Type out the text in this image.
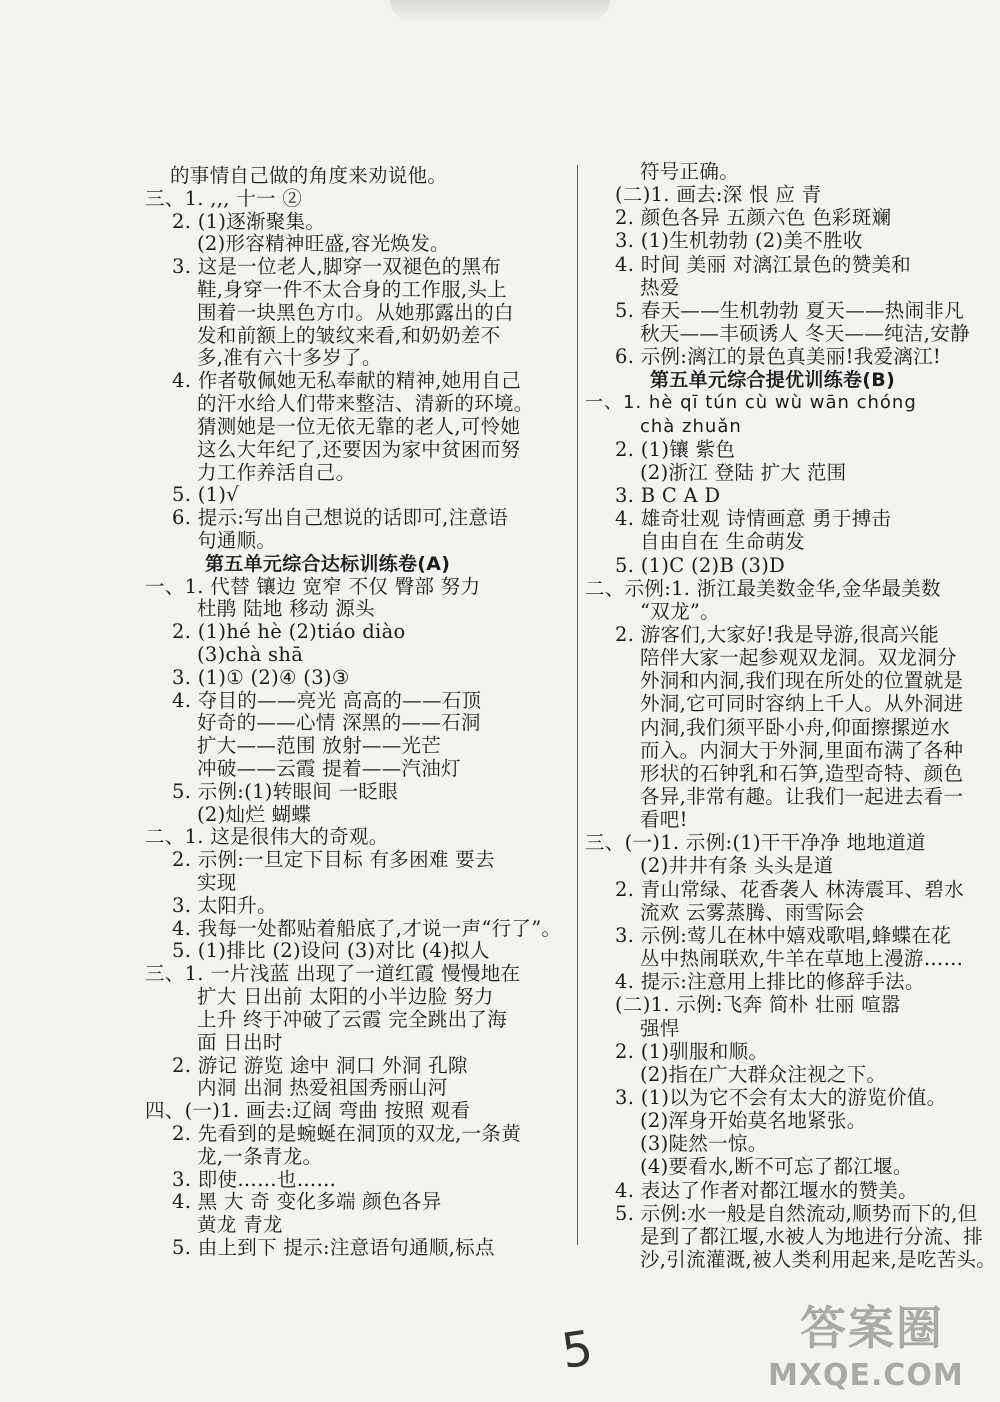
的事情自己做的角度来劝说他。
三、1. ,,, 十一 ②
2. (1)逐渐聚集。
(2)形容精神旺盛,容光焕发。
3. 这是一位老人,脚穿一双褪色的黑布
鞋,身穿一件不太合身的工作服,头上
围着一块黑色方巾。从她那露出的白
发和前额上的皱纹来看,和奶奶差不
多,准有六十多岁了。
4. 作者敬佩她无私奉献的精神,她用自己
的汗水给人们带来整洁、清新的环境。
猜测她是一位无依无靠的老人,可怜她
这么大年纪了,还要因为家中贫困而努
力工作养活自己。
5. (1)√
6. 提示:写出自己想说的话即可,注意语
句通顺。
第五单元综合达标训练卷(A)
一、1. 代替 镶边 宽窄 不仅 臀部 努力
杜鹃 陆地 移动 源头
2. (1)hé hè (2)tiáo diào
(3)chà shā
3. (1)① (2)④ (3)③
4. 夺目的——亮光 高高的——石顶
好奇的——心情 深黑的——石洞
扩大——范围 放射——光芒
冲破——云霞 提着——汽油灯
5. 示例:(1)转眼间 一眨眼
(2)灿烂 蝴蝶
二、1. 这是很伟大的奇观。
2. 示例:一旦定下目标 有多困难 要去
实现
3. 太阳升。
4. 我每一处都贴着船底了,才说一声“行了”。
5. (1)排比 (2)设问 (3)对比 (4)拟人
三、1. 一片浅蓝 出现了一道红霞 慢慢地在
扩大 日出前 太阳的小半边脸 努力
上升 终于冲破了云霞 完全跳出了海
面 日出时
2. 游记 游览 途中 洞口 外洞 孔隙
内洞 出洞 热爱祖国秀丽山河
四、(一)1. 画去:辽阔 弯曲 按照 观看
2. 先看到的是蜿蜒在洞顶的双龙,一条黄
龙,一条青龙。
3. 即使……也……
4. 黑 大 奇 变化多端 颜色各异
黄龙 青龙
5. 由上到下 提示:注意语句通顺,标点
符号正确。
(二)1. 画去:深 恨 应 青
2. 颜色各异 五颜六色 色彩斑斓
3. (1)生机勃勃 (2)美不胜收
4. 时间 美丽 对漓江景色的赞美和
热爱
5. 春天——生机勃勃 夏天——热闹非凡
秋天——丰硕诱人 冬天——纯洁,安静
6. 示例:漓江的景色真美丽!我爱漓江!
第五单元综合提优训练卷(B)
一、1. hè qī tún cù wù wān chóng
chà zhuǎn
2. (1)镶 紫色
(2)浙江 登陆 扩大 范围
3. B C A D
4. 雄奇壮观 诗情画意 勇于搏击
自由自在 生命萌发
5. (1)C (2)B (3)D
二、示例:1. 浙江最美数金华,金华最美数
“双龙”。
2. 游客们,大家好!我是导游,很高兴能
陪伴大家一起参观双龙洞。双龙洞分
外洞和内洞,我们现在所处的位置就是
外洞,它可同时容纳上千人。从外洞进
内洞,我们须平卧小舟,仰面擦摞逆水
而入。内洞大于外洞,里面布满了各种
形状的石钟乳和石笋,造型奇特、颜色
各异,非常有趣。让我们一起进去看一
看吧!
三、(一)1. 示例:(1)干干净净 地地道道
(2)井井有条 头头是道
2. 青山常绿、花香袭人 林涛震耳、碧水
流欢 云雾蒸腾、雨雪际会
3. 示例:莺儿在林中嬉戏歌唱,蜂蝶在花
丛中热闹联欢,牛羊在草地上漫游……
4. 提示:注意用上排比的修辞手法。
(二)1. 示例:飞奔 简朴 壮丽 喧嚣
强悍
2. (1)驯服和顺。
(2)指在广大群众注视之下。
3. (1)以为它不会有太大的游览价值。
(2)浑身开始莫名地紧张。
(3)陡然一惊。
(4)要看水,断不可忘了都江堰。
4. 表达了作者对都江堰水的赞美。
5. 示例:水一般是自然流动,顺势而下的,但
是到了都江堰,水被人为地进行分流、排
沙,引流灌溉,被人类利用起来,是吃苦头。
5	答案圈
MXQE.COM
